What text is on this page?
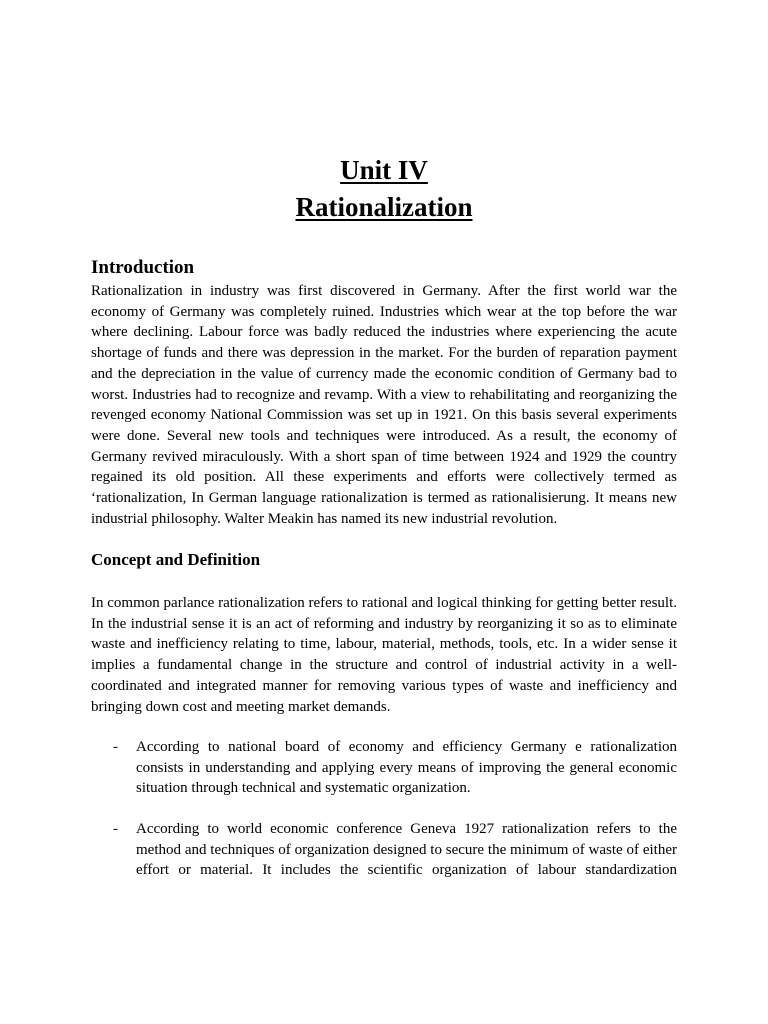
Unit IV
Rationalization
Introduction

Rationalization in industry was first discovered in Germany. After the first world war the economy of Germany was completely ruined. Industries which wear at the top before the war where declining. Labour force was badly reduced the industries where experiencing the acute shortage of funds and there was depression in the market. For the burden of reparation payment and the depreciation in the value of currency made the economic condition of Germany bad to worst. Industries had to recognize and revamp. With a view to rehabilitating and reorganizing the revenged economy National Commission was set up in 1921. On this basis several experiments were done. Several new tools and techniques were introduced. As a result, the economy of Germany revived miraculously. With a short span of time between 1924 and 1929 the country regained its old position. All these experiments and efforts were collectively termed as ‘rationalization, In German language rationalization is termed as rationalisierung. It means new industrial philosophy. Walter Meakin has named its new industrial revolution.

Concept and Definition

In common parlance rationalization refers to rational and logical thinking for getting better result. In the industrial sense it is an act of reforming and industry by reorganizing it so as to eliminate waste and inefficiency relating to time, labour, material, methods, tools, etc. In a wider sense it implies a fundamental change in the structure and control of industrial activity in a well-coordinated and integrated manner for removing various types of waste and inefficiency and bringing down cost and meeting market demands.

-	According to national board of economy and efficiency Germany e rationalization consists in understanding and applying every means of improving the general economic situation through technical and systematic organization.

-	According to world economic conference Geneva 1927 rationalization refers to the method and techniques of organization designed to secure the minimum of waste of either effort or material. It includes the scientific organization of labour standardization
